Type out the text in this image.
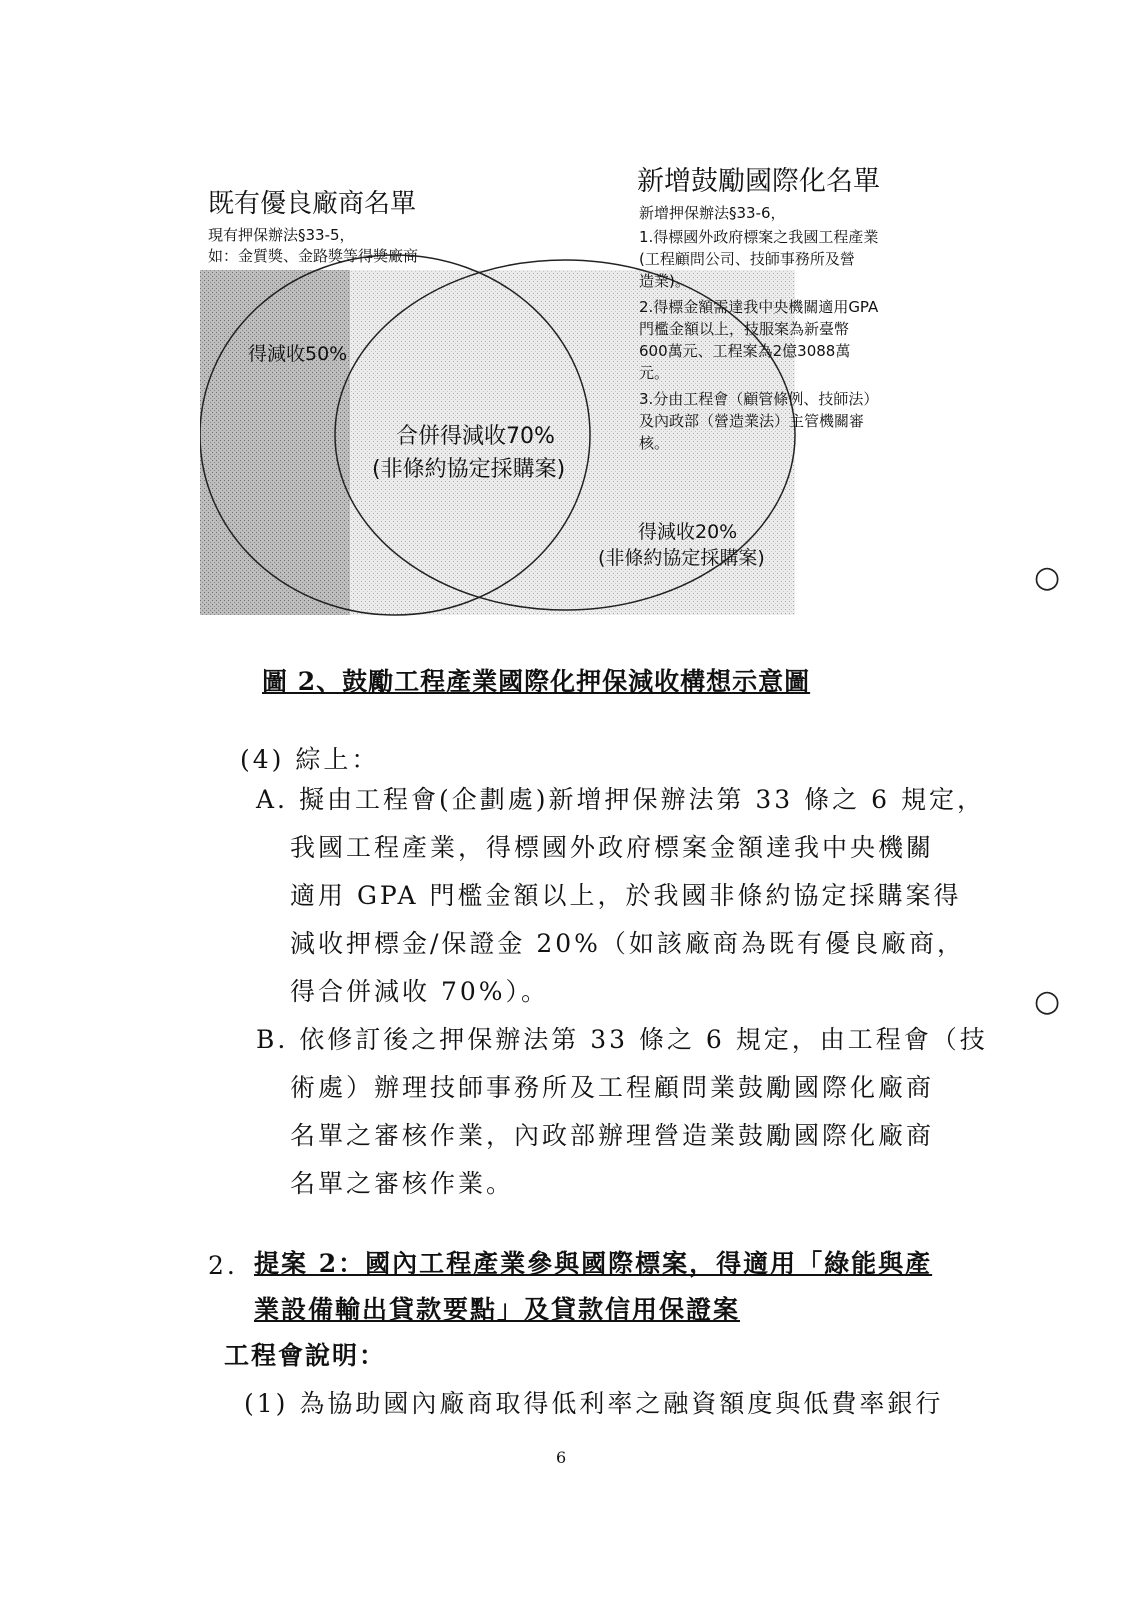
既有優良廠商名單
現有押保辦法§33-5，
如：金質獎、金路獎等得獎廠商
新增鼓勵國際化名單
新增押保辦法§33-6，
1.得標國外政府標案之我國工程產業
(工程顧問公司、技師事務所及營
造業)。
2.得標金額需達我中央機關適用GPA
門檻金額以上，技服案為新臺幣
600萬元、工程案為2億3088萬
元。
3.分由工程會（顧管條例、技師法）
及內政部（營造業法）主管機關審
核。
得減收50%
合併得減收70%
(非條約協定採購案)
得減收20%
(非條約協定採購案)
圖 2、鼓勵工程產業國際化押保減收構想示意圖
(4) 綜上：
A. 擬由工程會(企劃處)新增押保辦法第 33 條之 6 規定，
我國工程產業，得標國外政府標案金額達我中央機關
適用 GPA 門檻金額以上，於我國非條約協定採購案得
減收押標金/保證金 20%（如該廠商為既有優良廠商，
得合併減收 70%）。
B. 依修訂後之押保辦法第 33 條之 6 規定，由工程會（技
術處）辦理技師事務所及工程顧問業鼓勵國際化廠商
名單之審核作業，內政部辦理營造業鼓勵國際化廠商
名單之審核作業。
2. 提案 2：國內工程產業參與國際標案，得適用「綠能與產
業設備輸出貸款要點」及貸款信用保證案
工程會說明：
(1) 為協助國內廠商取得低利率之融資額度與低費率銀行
6
○
○
